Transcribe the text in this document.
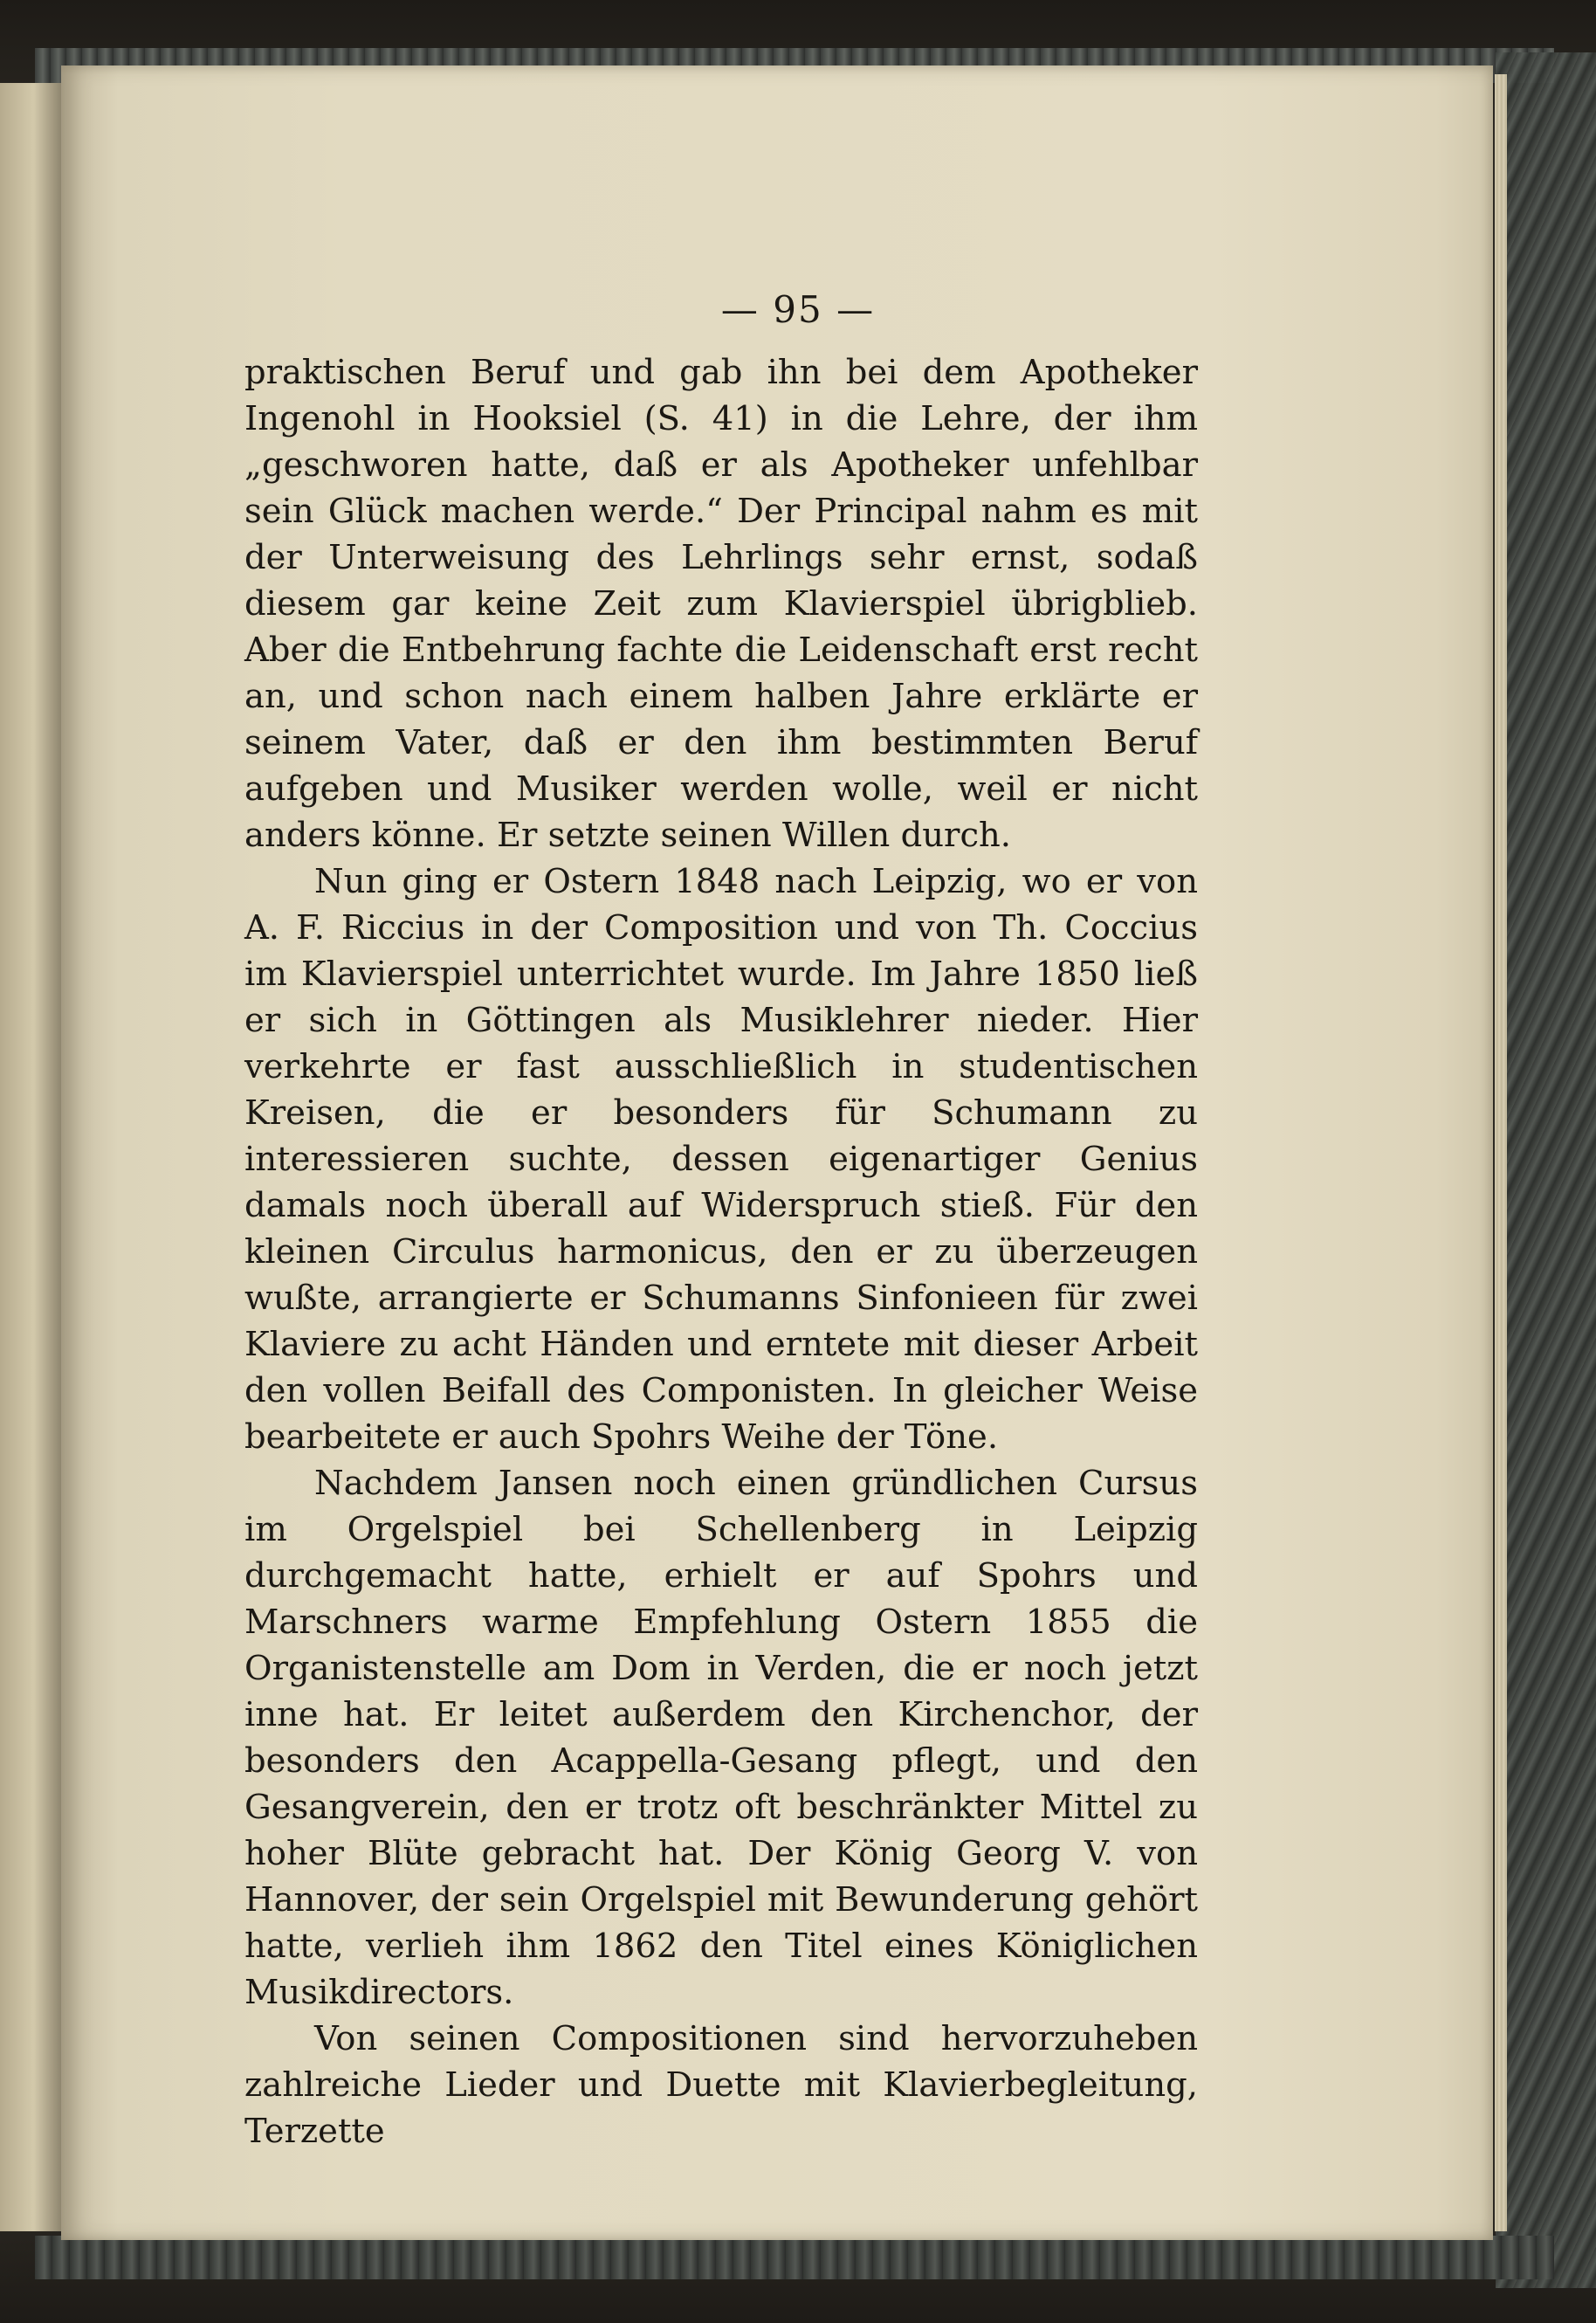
— 95 —

praktischen Beruf und gab ihn bei dem Apotheker Ingenohl in Hooksiel (S. 41) in die Lehre, der ihm „geschworen hatte, daß er als Apotheker unfehlbar sein Glück machen werde.“ Der Principal nahm es mit der Unterweisung des Lehrlings sehr ernst, sodaß diesem gar keine Zeit zum Klavierspiel übrigblieb. Aber die Entbehrung fachte die Leidenschaft erst recht an, und schon nach einem halben Jahre erklärte er seinem Vater, daß er den ihm bestimmten Beruf aufgeben und Musiker werden wolle, weil er nicht anders könne. Er setzte seinen Willen durch.

Nun ging er Ostern 1848 nach Leipzig, wo er von A. F. Riccius in der Composition und von Th. Coccius im Klavierspiel unterrichtet wurde. Im Jahre 1850 ließ er sich in Göttingen als Musiklehrer nieder. Hier verkehrte er fast ausschließlich in studentischen Kreisen, die er besonders für Schumann zu interessieren suchte, dessen eigenartiger Genius damals noch überall auf Widerspruch stieß. Für den kleinen Circulus harmonicus, den er zu überzeugen wußte, arrangierte er Schumanns Sinfonieen für zwei Klaviere zu acht Händen und erntete mit dieser Arbeit den vollen Beifall des Componisten. In gleicher Weise bearbeitete er auch Spohrs Weihe der Töne.

Nachdem Jansen noch einen gründlichen Cursus im Orgelspiel bei Schellenberg in Leipzig durchgemacht hatte, erhielt er auf Spohrs und Marschners warme Empfehlung Ostern 1855 die Organistenstelle am Dom in Verden, die er noch jetzt inne hat. Er leitet außerdem den Kirchenchor, der besonders den Acappella-Gesang pflegt, und den Gesangverein, den er trotz oft beschränkter Mittel zu hoher Blüte gebracht hat. Der König Georg V. von Hannover, der sein Orgelspiel mit Bewunderung gehört hatte, verlieh ihm 1862 den Titel eines Königlichen Musikdirectors.

Von seinen Compositionen sind hervorzuheben zahlreiche Lieder und Duette mit Klavierbegleitung, Terzette
